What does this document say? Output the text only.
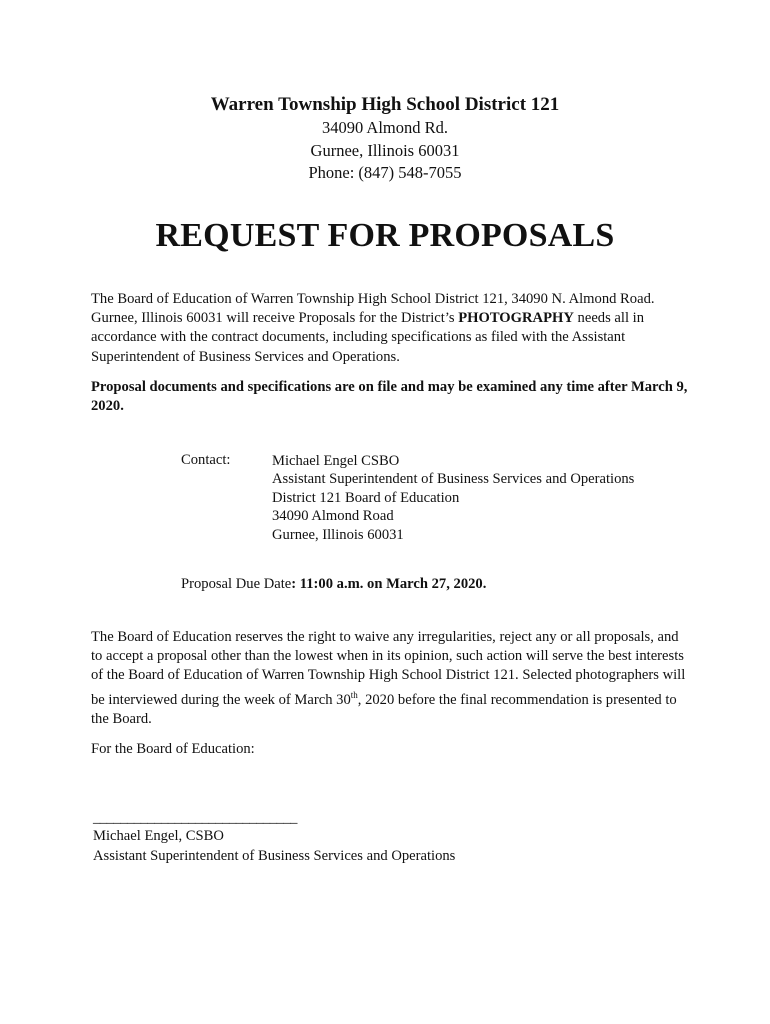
Warren Township High School District 121
34090 Almond Rd.
Gurnee, Illinois 60031
Phone: (847) 548-7055
REQUEST FOR PROPOSALS
The Board of Education of Warren Township High School District 121, 34090 N. Almond Road. Gurnee, Illinois 60031 will receive Proposals for the District’s PHOTOGRAPHY needs all in accordance with the contract documents, including specifications as filed with the Assistant Superintendent of Business Services and Operations.
Proposal documents and specifications are on file and may be examined any time after March 9, 2020.
Contact:	Michael Engel CSBO
Assistant Superintendent of Business Services and Operations
District 121 Board of Education
34090 Almond Road
Gurnee, Illinois 60031
Proposal Due Date: 11:00 a.m. on March 27, 2020.
The Board of Education reserves the right to waive any irregularities, reject any or all proposals, and to accept a proposal other than the lowest when in its opinion, such action will serve the best interests of the Board of Education of Warren Township High School District 121. Selected photographers will be interviewed during the week of March 30th, 2020 before the final recommendation is presented to the Board.
For the Board of Education:
______________________________
Michael Engel, CSBO
Assistant Superintendent of Business Services and Operations
